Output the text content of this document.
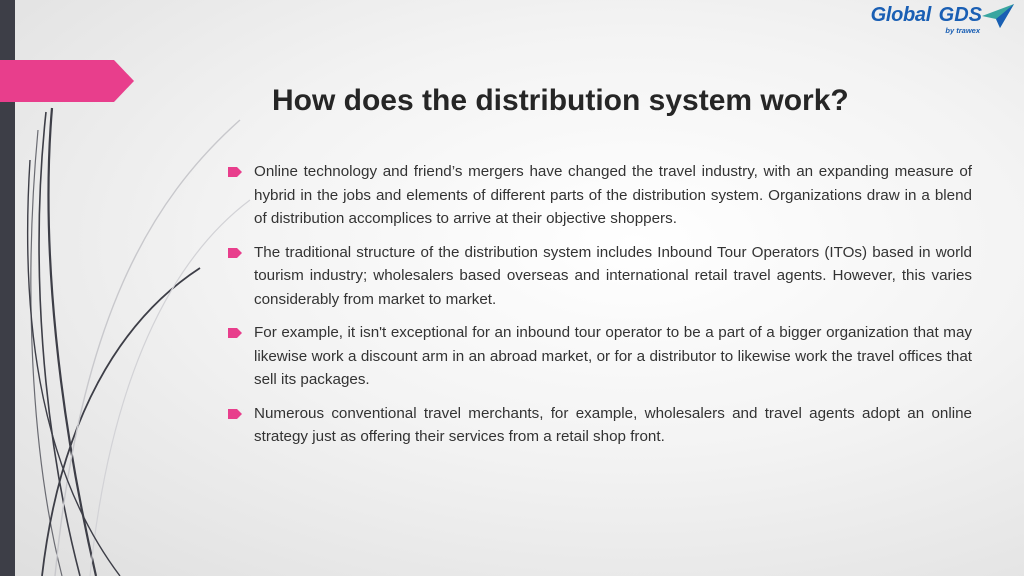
Global GDS
by trawex
How does the distribution system work?
Online technology and friend’s mergers have changed the travel industry, with an expanding measure of hybrid in the jobs and elements of different parts of the distribution system. Organizations draw in a blend of distribution accomplices to arrive at their objective shoppers.
The traditional structure of the distribution system includes Inbound Tour Operators (ITOs) based in world tourism industry; wholesalers based overseas and international retail travel agents. However, this varies considerably from market to market.
For example, it isn't exceptional for an inbound tour operator to be a part of a bigger organization that may likewise work a discount arm in an abroad market, or for a distributor to likewise work the travel offices that sell its packages.
Numerous conventional travel merchants, for example, wholesalers and travel agents adopt an online strategy just as offering their services from a retail shop front.
